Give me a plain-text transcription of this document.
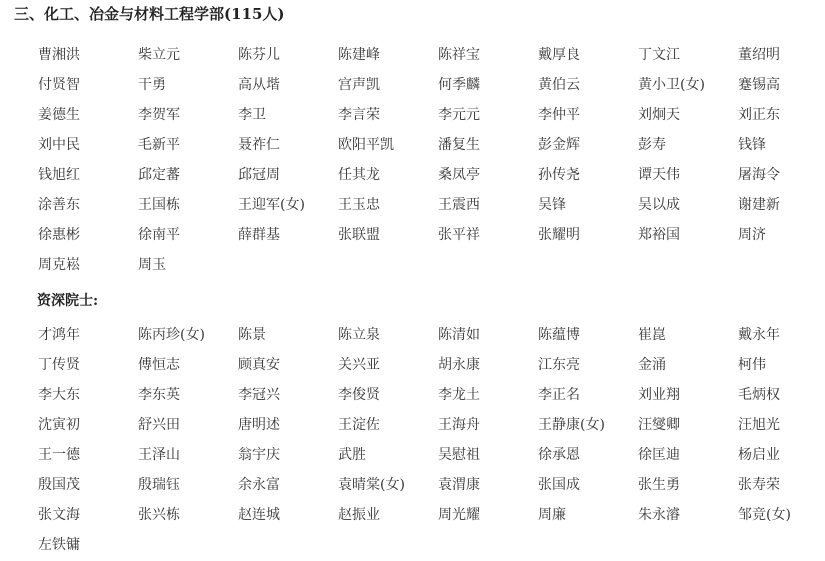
三、化工、冶金与材料工程学部(115人)
曹湘洪	柴立元	陈芬儿	陈建峰	陈祥宝	戴厚良	丁文江	董绍明
付贤智	干勇	高从堦	宫声凯	何季麟	黄伯云	黄小卫(女)	蹇锡高
姜德生	李贺军	李卫	李言荣	李元元	李仲平	刘炯天	刘正东
刘中民	毛新平	聂祚仁	欧阳平凯	潘复生	彭金辉	彭寿	钱锋
钱旭红	邱定蕃	邱冠周	任其龙	桑凤亭	孙传尧	谭天伟	屠海令
涂善东	王国栋	王迎军(女)	王玉忠	王震西	吴锋	吴以成	谢建新
徐惠彬	徐南平	薛群基	张联盟	张平祥	张耀明	郑裕国	周济
周克崧	周玉
资深院士:
才鸿年	陈丙珍(女)	陈景	陈立泉	陈清如	陈蕴博	崔崑	戴永年
丁传贤	傅恒志	顾真安	关兴亚	胡永康	江东亮	金涌	柯伟
李大东	李东英	李冠兴	李俊贤	李龙土	李正名	刘业翔	毛炳权
沈寅初	舒兴田	唐明述	王淀佐	王海舟	王静康(女)	汪燮卿	汪旭光
王一德	王泽山	翁宇庆	武胜	吴慰祖	徐承恩	徐匡迪	杨启业
殷国茂	殷瑞钰	余永富	袁晴棠(女)	袁渭康	张国成	张生勇	张寿荣
张文海	张兴栋	赵连城	赵振业	周光耀	周廉	朱永濬	邹竞(女)
左铁镛
